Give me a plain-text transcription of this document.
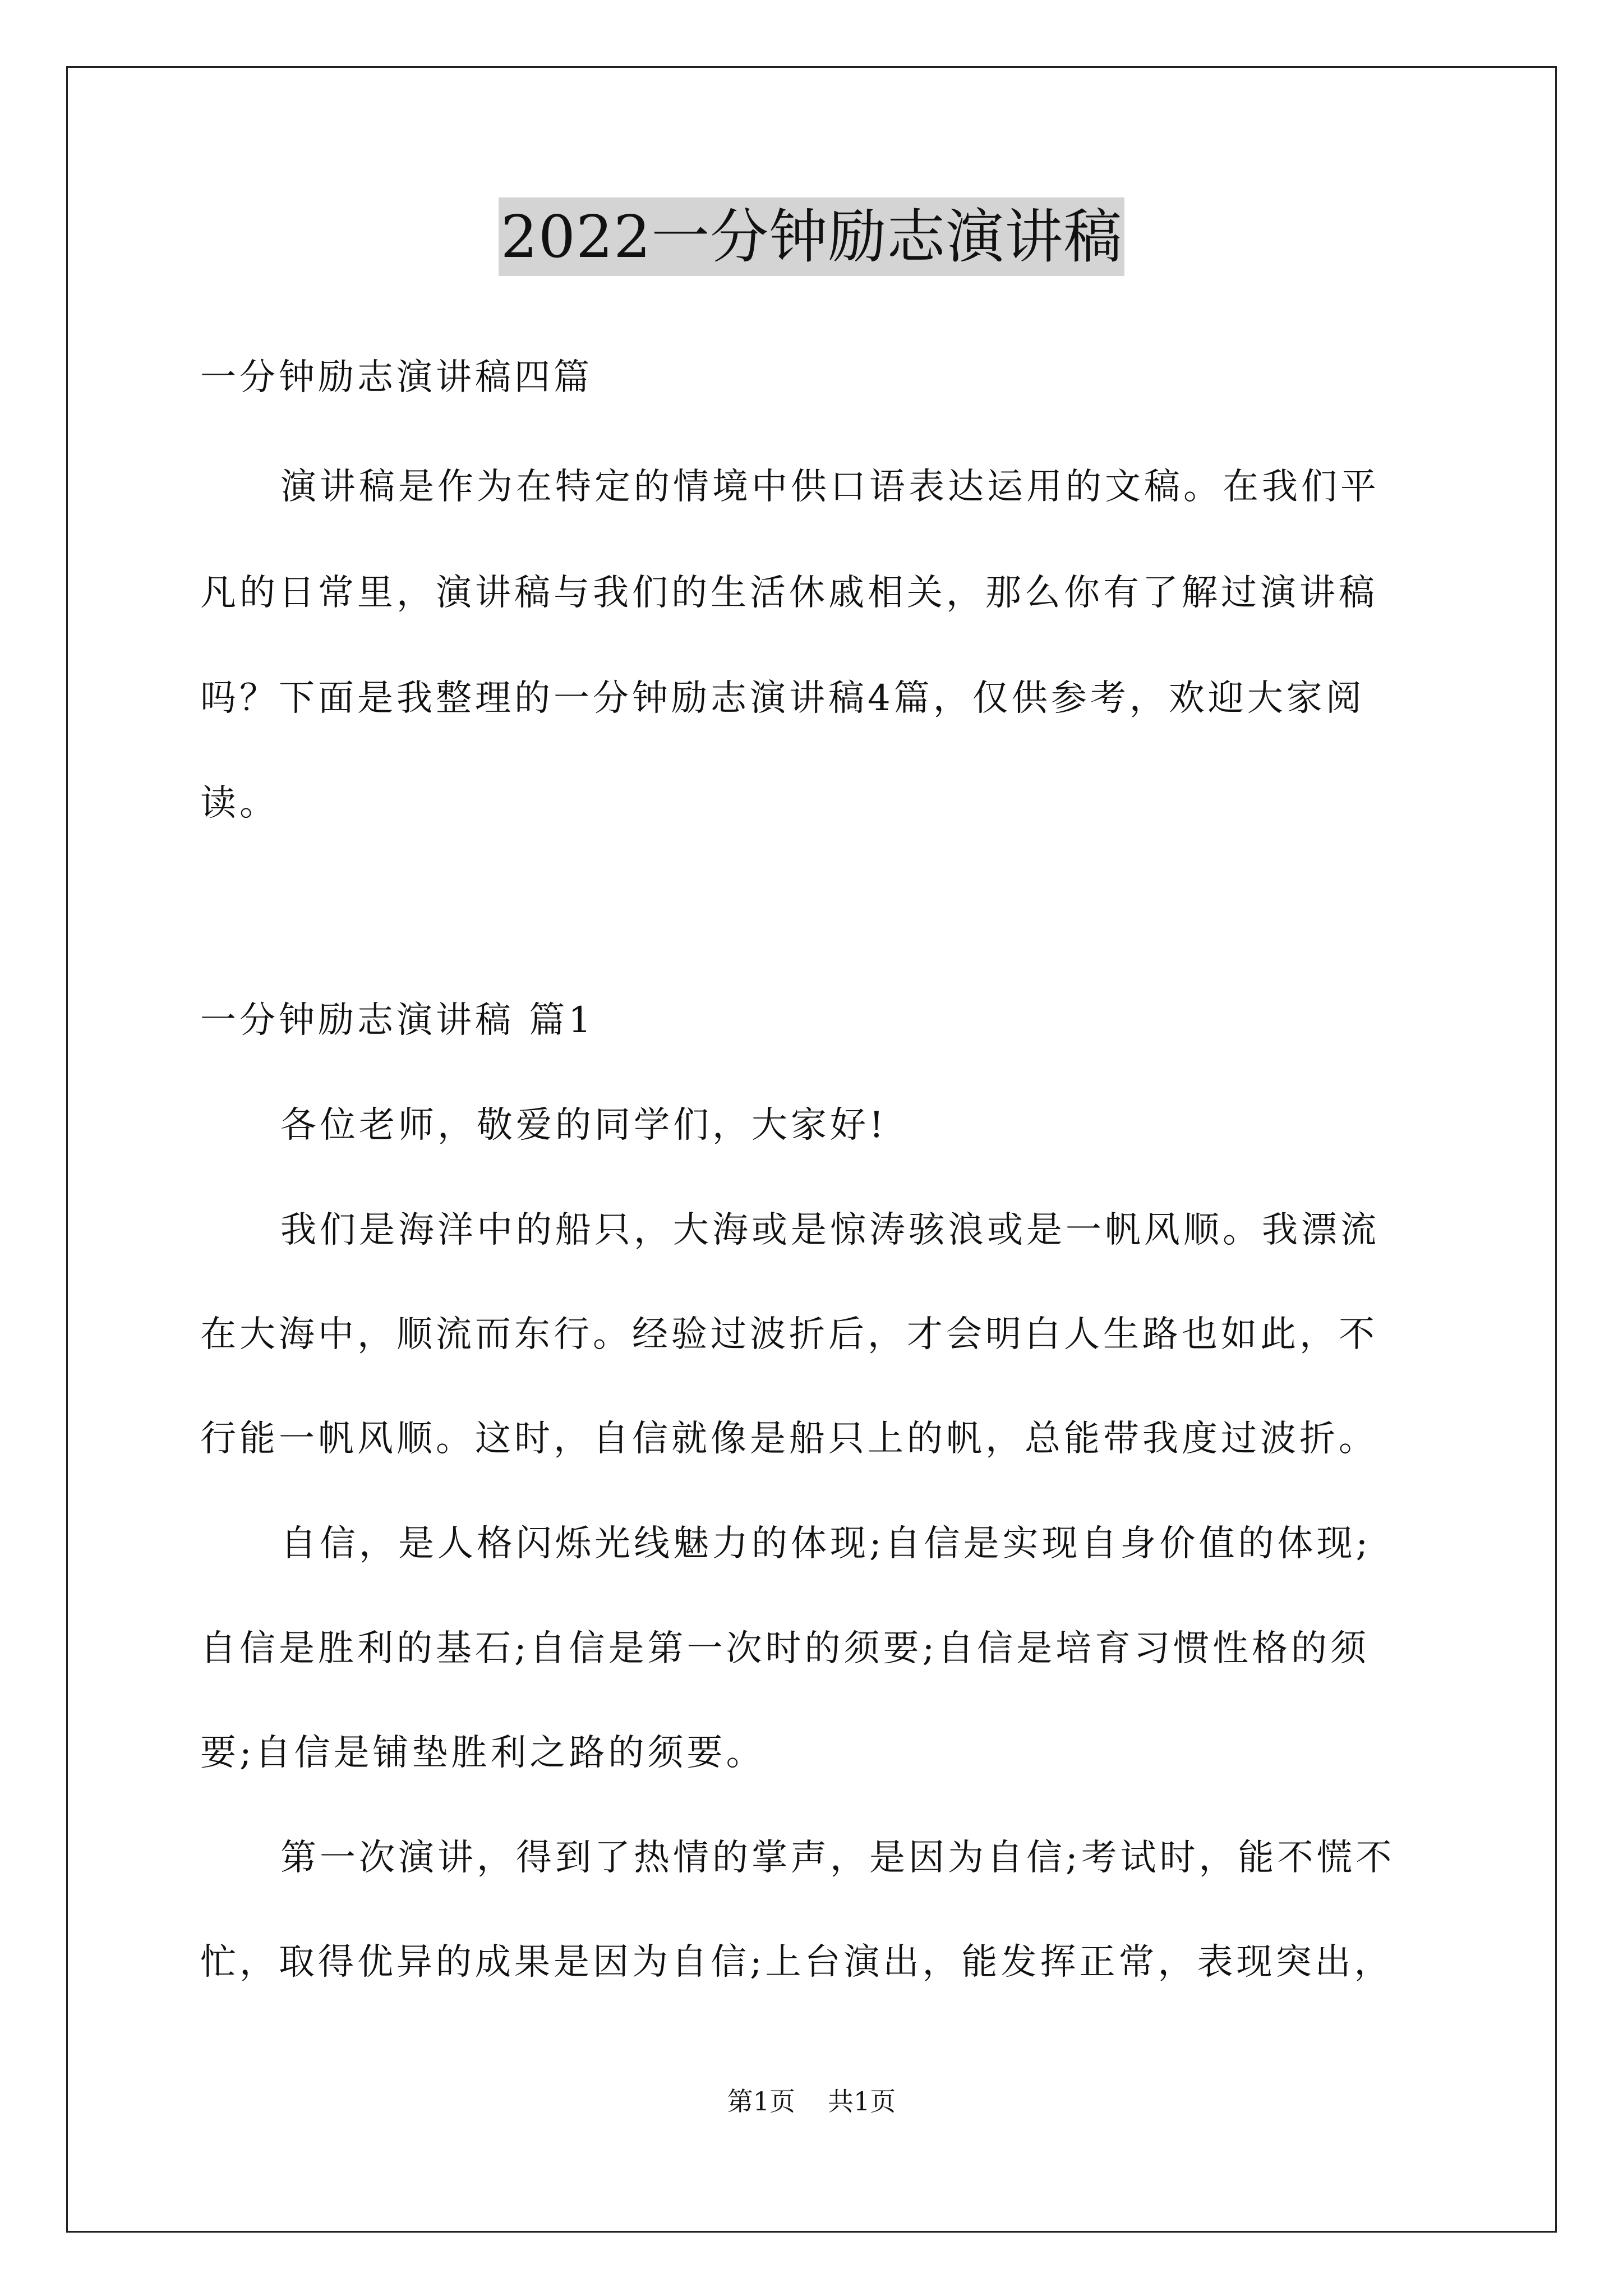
2022一分钟励志演讲稿

一分钟励志演讲稿四篇

演讲稿是作为在特定的情境中供口语表达运用的文稿。在我们平

凡的日常里，演讲稿与我们的生活休戚相关，那么你有了解过演讲稿

吗？下面是我整理的一分钟励志演讲稿4篇，仅供参考，欢迎大家阅

读。

一分钟励志演讲稿 篇1

各位老师，敬爱的同学们，大家好!

我们是海洋中的船只，大海或是惊涛骇浪或是一帆风顺。我漂流

在大海中，顺流而东行。经验过波折后，才会明白人生路也如此，不

行能一帆风顺。这时，自信就像是船只上的帆，总能带我度过波折。

自信，是人格闪烁光线魅力的体现;自信是实现自身价值的体现;

自信是胜利的基石;自信是第一次时的须要;自信是培育习惯性格的须

要;自信是铺垫胜利之路的须要。

第一次演讲，得到了热情的掌声，是因为自信;考试时，能不慌不

忙，取得优异的成果是因为自信;上台演出，能发挥正常，表现突出，

第1页 共1页
